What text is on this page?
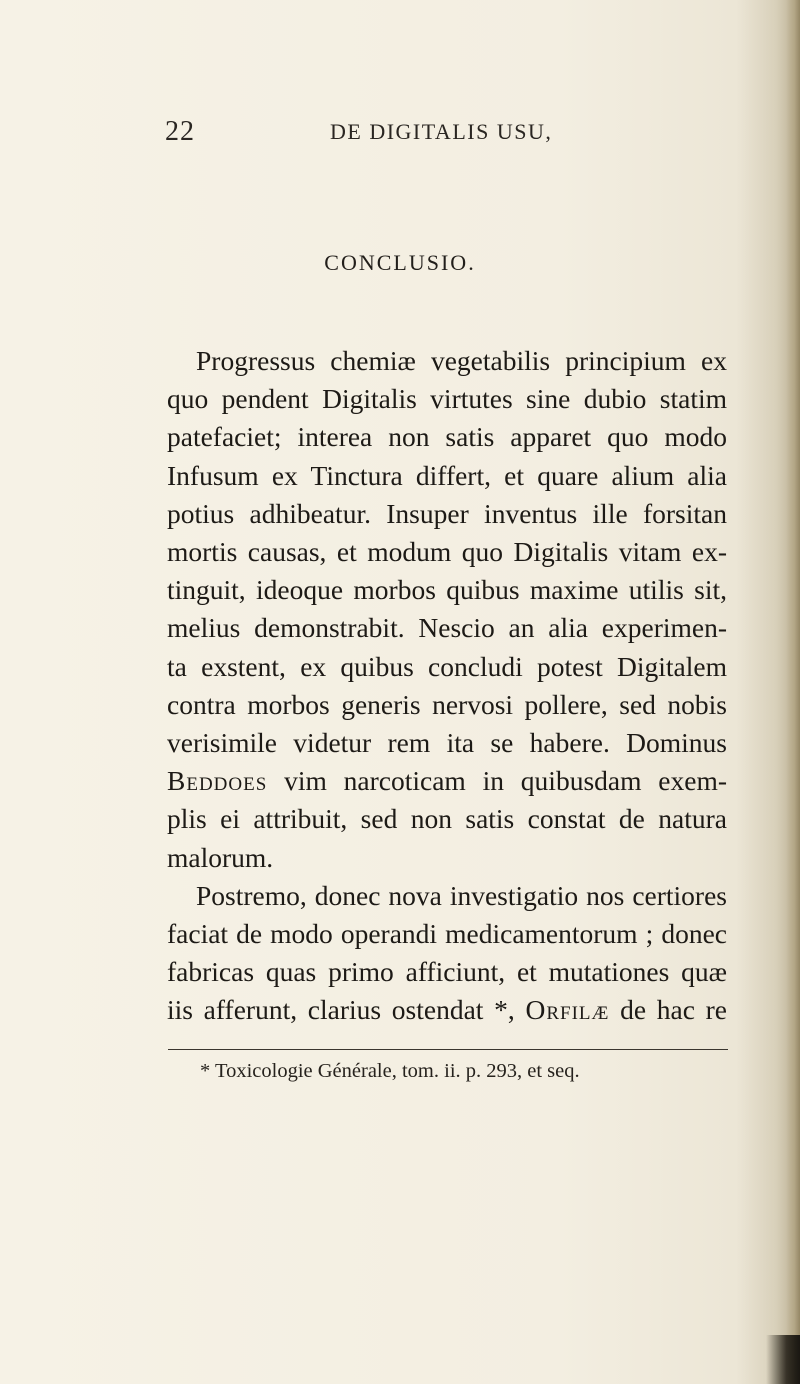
22	DE DIGITALIS USU,
CONCLUSIO.
Progressus chemiæ vegetabilis principium ex
quo pendent Digitalis virtutes sine dubio statim
patefaciet; interea non satis apparet quo modo
Infusum ex Tinctura differt, et quare alium alia
potius adhibeatur. Insuper inventus ille forsitan
mortis causas, et modum quo Digitalis vitam ex-
tinguit, ideoque morbos quibus maxime utilis sit,
melius demonstrabit. Nescio an alia experimen-
ta exstent, ex quibus concludi potest Digitalem
contra morbos generis nervosi pollere, sed nobis
verisimile videtur rem ita se habere. Dominus
Beddoes vim narcoticam in quibusdam exem-
plis ei attribuit, sed non satis constat de natura
malorum.
Postremo, donec nova investigatio nos certiores
faciat de modo operandi medicamentorum ; donec
fabricas quas primo afficiunt, et mutationes quæ
iis afferunt, clarius ostendat *, Orfilæ de hac re
* Toxicologie Générale, tom. ii. p. 293, et seq.
